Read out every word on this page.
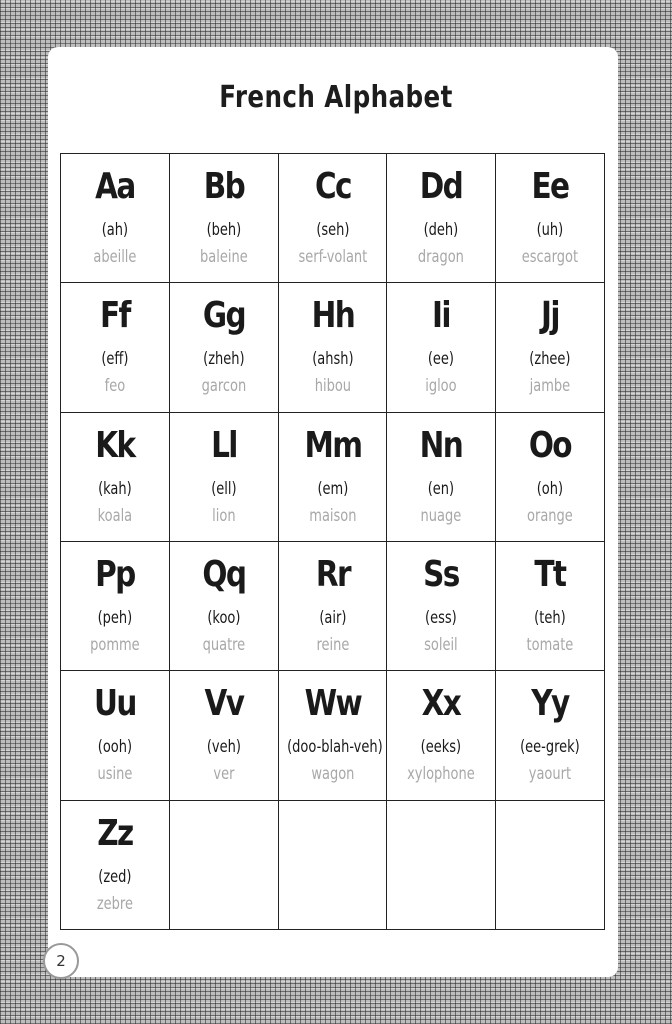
French Alphabet
Aa
(ah)
abeille
Bb
(beh)
baleine
Cc
(seh)
serf-volant
Dd
(deh)
dragon
Ee
(uh)
escargot
Ff
(eff)
feo
Gg
(zheh)
garcon
Hh
(ahsh)
hibou
Ii
(ee)
igloo
Jj
(zhee)
jambe
Kk
(kah)
koala
Ll
(ell)
lion
Mm
(em)
maison
Nn
(en)
nuage
Oo
(oh)
orange
Pp
(peh)
pomme
Qq
(koo)
quatre
Rr
(air)
reine
Ss
(ess)
soleil
Tt
(teh)
tomate
Uu
(ooh)
usine
Vv
(veh)
ver
Ww
(doo-blah-veh)
wagon
Xx
(eeks)
xylophone
Yy
(ee-grek)
yaourt
Zz
(zed)
zebre
2
